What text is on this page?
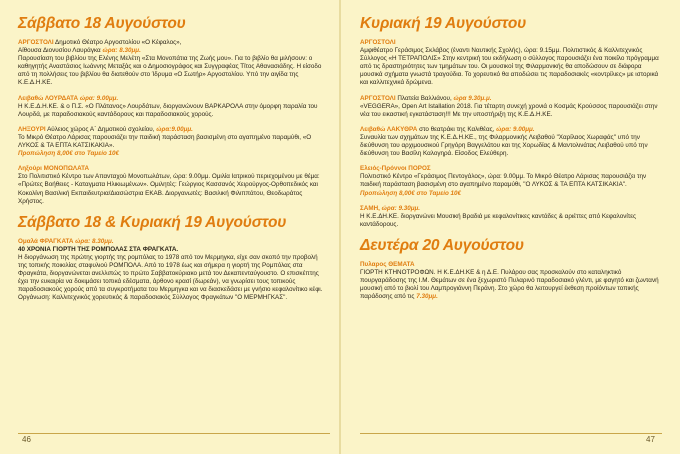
Σάββατο 18 Αυγούστου

ΑΡΓΟΣΤΟΛΙ Δημοτικό Θέατρο Αργοστολίου «Ο Κέφαλος»,

Αίθουσα Διονυσίου Λαυράγκα ώρα: 8.30μμ.

Παρουσίαση του βιβλίου της Ελένης Μελέτη «Στα Μονοπάτια της Ζωής μου». Για το βιβλίο θα μιλήσουν: ο καθηγητής Αναστάσιος Ιωάννης Μεταξάς και ο Δημοσιογράφος και Συγγραφέας Τίτος Αθανασιάδης. Η είσοδο από τη πολλήσεις του βιβλίου θα διατεθούν στο Ίδρυμα «Ο Σωτήρ» Αργοστολίου. Υπό την αιγίδα της Κ.Ε.Δ.Η.ΚΕ.

Λειβαθώ ΛΟΥΡΔΑΤΑ ώρα: 9.00μμ.

Η Κ.Ε.Δ.Η.ΚΕ. & ο Π.Σ. «Ο Πλάτανος» Λουρδάτων, διοργανώνουν ΒΑΡΚΑΡΟΛΑ στην όμορφη παραλία του Λουρδά, με παραδοσιακούς καντάδορους και παραδοσιακούς χορούς.

ΛΗΞΟΥΡΙ Αύλειος χώρος Α΄ Δημοτικού σχολείου, ώρα:9.00μμ.

Το Μικρό Θέατρο Λάρισας παρουσιάζει την παιδική παράσταση βασισμένη στο αγαπημένο παραμύθι, «Ο ΛΥΚΟΣ & ΤΑ ΕΠΤΑ ΚΑΤΣΙΚΑΚΙΑ».

Προπώληση 8,00€ στο Ταμείο 10€

Ληξούρι ΜΟΝΟΠΩΛΑΤΑ

Στο Πολιτιστικό Κέντρο των Απανταχού Μονοπωλάτων, ώρα: 9.00μμ. Ομιλία Ιατρικού περιεχομένου με θέμα: «Πρώτες Βοήθειες - Καταγματα Ηλικιωμένων». Ομιλητές: Γεώργιος Κασσανός Χειρούργος-Ορθοπεδικός και Κοκολίνη Βασιλική Εκπαιδευτρια/Διασώστρια ΕΚΑΒ. Διοργανωτές: Βασιλική Φιλιππάτου, Θεοδωράτος Χρήστος.

Σάββατο 18 & Κυριακή 19 Αυγούστου

Ομαλά ΦΡΑΓΚΑΤΑ ώρα: 8.30μμ.

40 ΧΡΟΝΙΑ ΓΙΟΡΤΗ ΤΗΣ ΡΟΜΠΟΛΑΣ ΣΤΑ ΦΡΑΓΚΑΤΑ.

Η διοργάνωση της πρώτης γιορτής της ρομπόλας το 1978 από τον Μερμηγκα, είχε σαν σκοπό την προβολή της τοπικής ποικιλίας σταφυλιού ΡΟΜΠΟΛΑ. Από το 1978 έως και σήμερα η γιορτή της Ρομπόλας στα Φραγκάτα, διοργανώνεται ανελλιπώς το πρώτο Σαββατοκύριακο μετά τον Δεκαπενταύγουστο. Ο επισκέπτης έχει την ευκαιρία να δοκιμάσει τοπικά εδέσματα, άρθονο κρασί (δωρεάν), να γνωρίσει τους τοπικούς παραδοσιακούς χορούς από τα συγκροτήματα του Μερμηγκα και να διασκεδάσει με γνήσιο κεφαλονίτικο κέφι. Οργάνωση: Καλλιτεχνικός χορευτικός & παραδοσιακός Σύλλογος Φραγκάτων "Ο ΜΕΡΜΗΓΚΑΣ".

Κυριακή 19 Αυγούστου

ΑΡΓΟΣΤΟΛΙ

Αμφιθέατρο Γεράσιμος Σκλάβος (έναντι Ναυτικής Σχολής), ώρα: 9.15μμ. Πολιτιστικός & Καλλιτεχνικός Σύλλογος «Η ΤΕΤΡΑΠΟΛΙΣ» Στην κεντρική του εκδήλωση ο σύλλογος παρουσιάζει ένα ποικίλο πρόγραμμα από τις δραστηριότητες των τμημάτων του. Οι μουσικοί της Φιλαρμονικής θα αποδώσουν σε διάφορα μουσικά σχήματα γνωστά τραγούδια. Το χορευτικό θα αποδώσει τις παραδοσιακές «κοντρίλιες» με ιστορικά και καλλιτεχνικά δρώμενα.

ΑΡΓΟΣΤΟΛΙ Πλατεία Βαλλιάνου, ώρα 9.30μ.μ.

«VEGGERA», Open Art Istallation 2018. Για τέταρτη συνεχή χρονιά ο Κοσμάς Κρούσσος παρουσιάζει στην νέα του εικαστική εγκατάσταση!!! Με την υποστήριξη της Κ.Ε.Δ.Η.ΚΕ.

Λειβαθώ ΛΑΚΥΘΡΑ στο θεατράκι της Καλιθέας, ώρα: 9.00μμ.

Συναυλία των σχημάτων της Κ.Ε.Δ.Η.ΚΕ., της Φιλαρμονικής Λειβαθού "Χαρίλαος Χωραφάς" υπό την διεύθυνση του αρχιμουσικού Γρηγόρη Βαγγελάτου και της Χορωδίας & Μαντολινάτας Λειβαθού υπό την διεύθυνση του Βασίλη Καλογηρά. Είσοδος Ελεύθερη.

Ελειός-Πρόννοι ΠΟΡΟΣ

Πολιτιστικό Κέντρο «Γεράσιμος Πεντογάλος», ώρα: 9.00μμ. Το Μικρό Θέατρο Λάρισας παρουσιάζει την παιδική παράσταση βασισμένη στο αγαπημένο παραμύθι, "Ο ΛΥΚΟΣ & ΤΑ ΕΠΤΑ ΚΑΤΣΙΚΑΚΙΑ".

Προπώληση 8,00€ στο Ταμείο 10€

ΣΑΜΗ, ώρα: 9.30μμ.

Η Κ.Ε.ΔΗ.ΚΕ. διοργανώνει Μουσική Βραδιά με κεφαλονίτικες καντάδες & αριέττες από Κεφαλονίτες καντάδορους.

Δευτέρα 20 Αυγούστου

Πυλαρος ΘΕΜΑΤΑ

ΓΙΟΡΤΗ ΚΤΗΝΟΤΡΟΦΩΝ. Η Κ.Ε.ΔΗ.ΚΕ & η Δ.Ε. Πυλάρου σας προσκαλούν στο καταληκτικό πουργαράδοσης της Ι.Μ. Θεμάτων σε ένα ξεχωριστό Πυλαρινό παραδοσιακό γλέντι, με φαγητό και ζωντανή μουσική από το βιολί του Λαμπρογιάννη Περάνη. Στο χώρο θα λειτουργεί έκθεση προϊόντων τοπικής παράδοσης από τις 7.30μμ.

46	47
